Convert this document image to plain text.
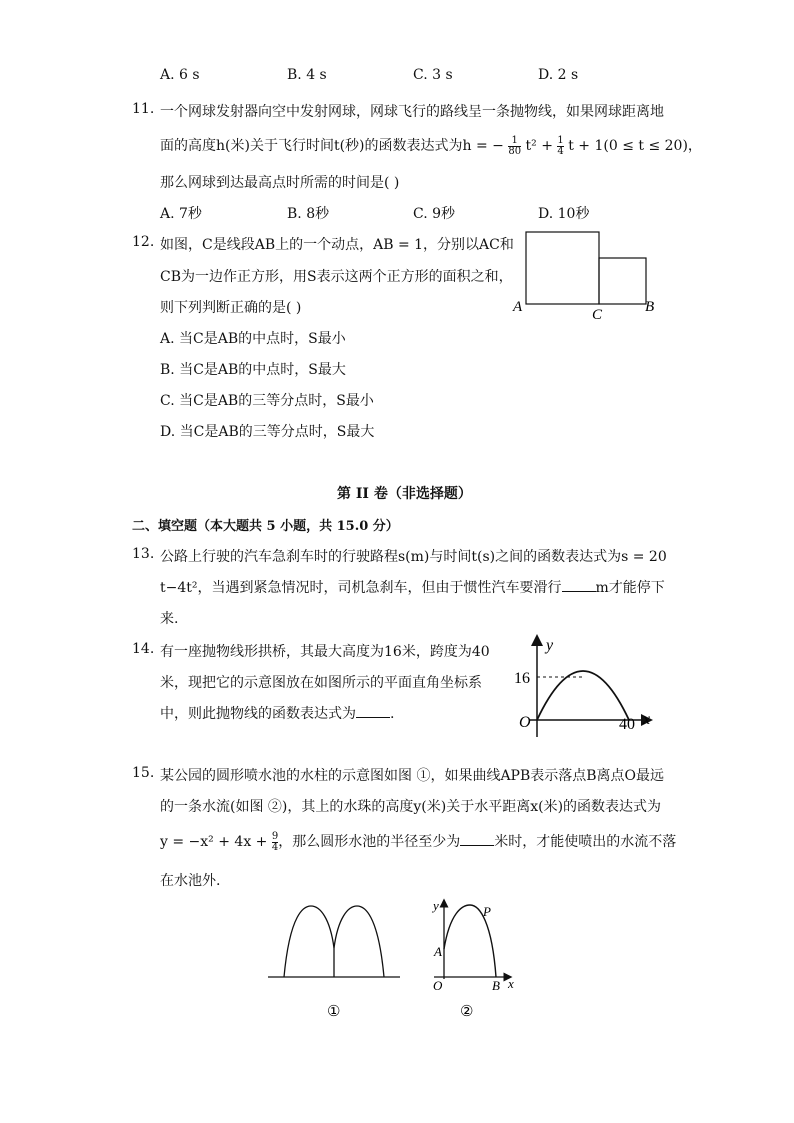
A. 6 s	B. 4 s	C. 3 s	D. 2 s
11. 一个网球发射器向空中发射网球，网球飞行的路线呈一条抛物线，如果网球距离地
面的高度h(米)关于飞行时间t(秒)的函数表达式为h = − $\frac{1}{80} t^2 + \frac{1}{4}$ t + 1(0 ≤ t ≤ 20)，
那么网球到达最高点时所需的时间是( )
A. 7秒	B. 8秒	C. 9秒	D. 10秒
12. 如图，C是线段AB上的一个动点，AB = 1，分别以AC和
CB为一边作正方形，用S表示这两个正方形的面积之和，
则下列判断正确的是( )
A. 当C是AB的中点时，S最小
B. 当C是AB的中点时，S最大
C. 当C是AB的三等分点时，S最小
D. 当C是AB的三等分点时，S最大
A	C	B
第 II 卷（非选择题）
二、填空题（本大题共 5 小题，共 15.0 分）
13. 公路上行驶的汽车急刹车时的行驶路程s(m)与时间t(s)之间的函数表达式为s = 20
t−4t²，当遇到紧急情况时，司机急刹车，但由于惯性汽车要滑行 m才能停下
来.
14. 有一座抛物线形拱桥，其最大高度为16米，跨度为40
米，现把它的示意图放在如图所示的平面直角坐标系
中，则此抛物线的函数表达式为 .
y
x
O
16
40
15. 某公园的圆形喷水池的水柱的示意图如图 ①，如果曲线APB表示落点B离点O最远
的一条水流(如图 ②)，其上的水珠的高度y(米)关于水平距离x(米)的函数表达式为
$y = -x^2 + 4x + \frac{9}{4}$ ，那么圆形水池的半径至少为 米时，才能使喷出的水流不落
在水池外.
①
y
x
O
A
B
P
②
